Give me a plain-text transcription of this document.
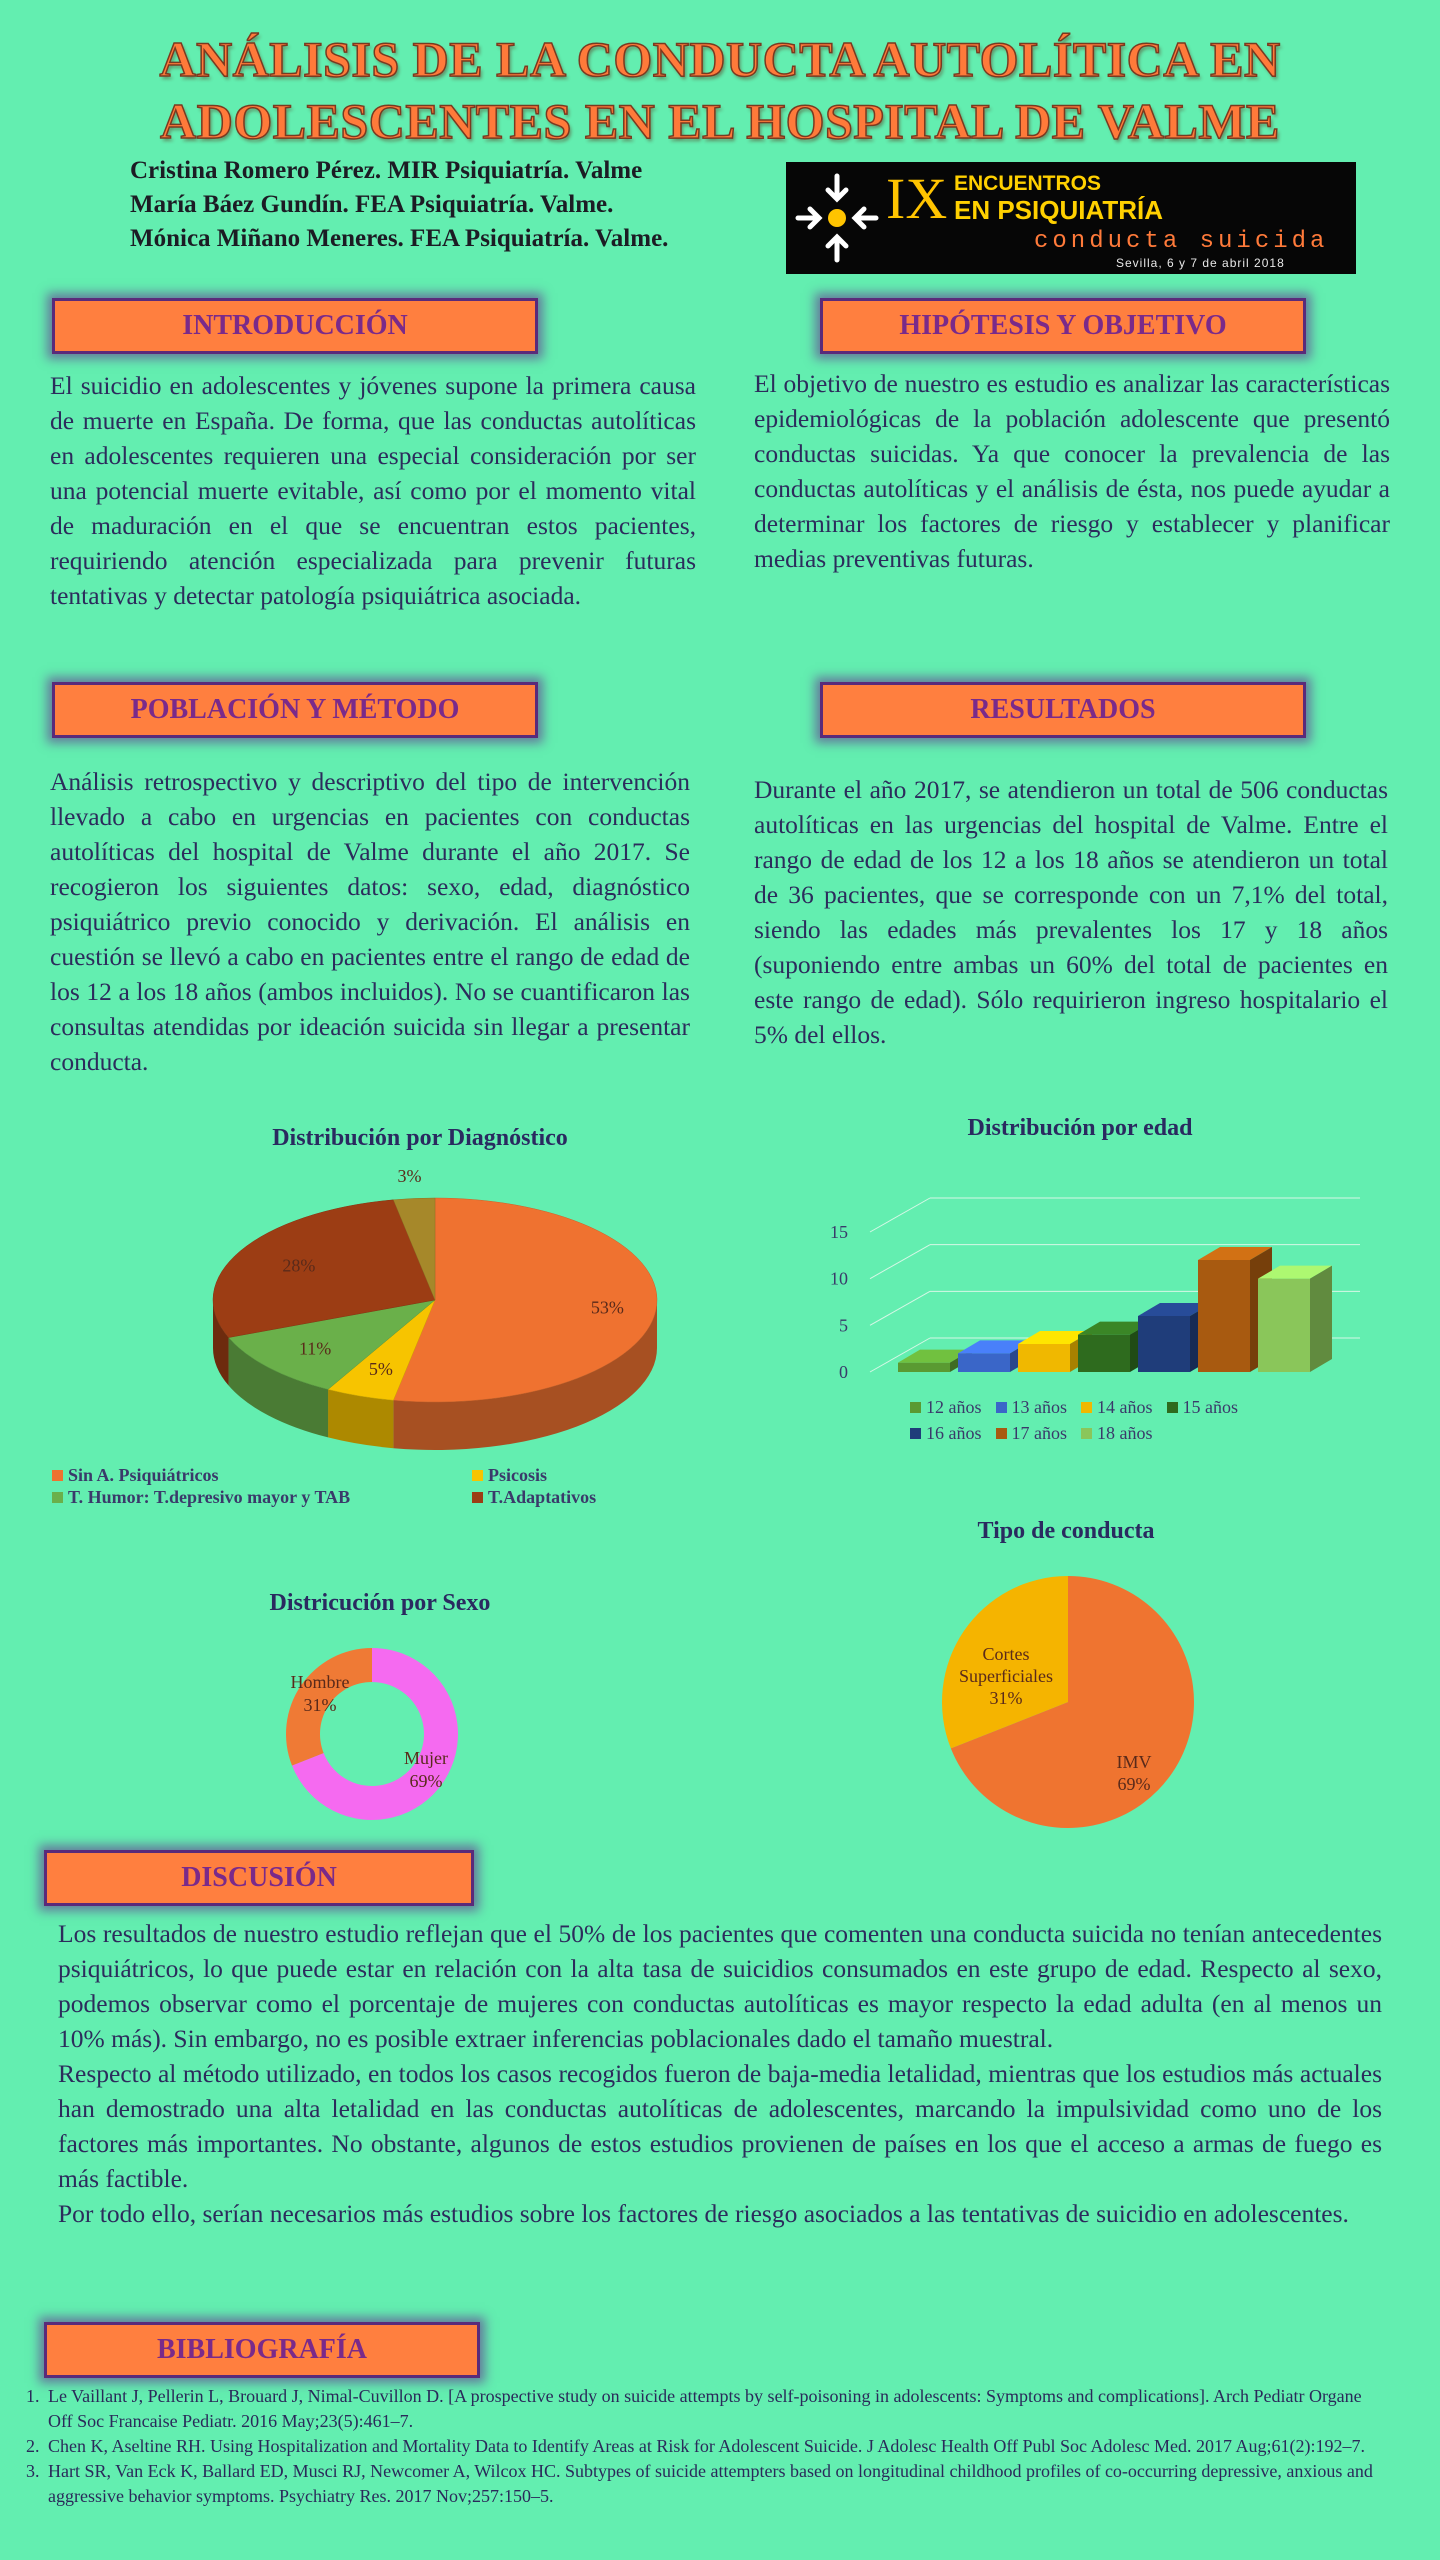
ANÁLISIS DE LA CONDUCTA AUTOLÍTICA EN
ADOLESCENTES EN EL HOSPITAL DE VALME
Cristina Romero Pérez. MIR Psiquiatría. Valme
María Báez Gundín. FEA Psiquiatría. Valme.
Mónica Miñano Meneres. FEA Psiquiatría. Valme.
IX ENCUENTROS
EN PSIQUIATRÍA
conducta suicida
Sevilla, 6 y 7 de abril 2018
INTRODUCCIÓN
El suicidio en adolescentes y jóvenes supone la primera causa de muerte en España. De forma, que las conductas autolíticas en adolescentes requieren una especial consideración por ser una potencial muerte evitable, así como por el momento vital de maduración en el que se encuentran estos pacientes, requiriendo atención especializada para prevenir futuras tentativas y detectar patología psiquiátrica asociada.
HIPÓTESIS Y OBJETIVO
El objetivo de nuestro es estudio es analizar las características epidemiológicas de la población adolescente que presentó conductas suicidas. Ya que conocer la prevalencia de las conductas autolíticas y el análisis de ésta, nos puede ayudar a determinar los factores de riesgo y establecer y planificar medias preventivas futuras.
POBLACIÓN Y MÉTODO
Análisis retrospectivo y descriptivo del tipo de intervención llevado a cabo en urgencias en pacientes con conductas autolíticas del hospital de Valme durante el año 2017. Se recogieron los siguientes datos: sexo, edad, diagnóstico psiquiátrico previo conocido y derivación. El análisis en cuestión se llevó a cabo en pacientes entre el rango de edad de los 12 a los 18 años (ambos incluidos). No se cuantificaron las consultas atendidas por ideación suicida sin llegar a presentar conducta.
RESULTADOS
Durante el año 2017, se atendieron un total de 506 conductas autolíticas en las urgencias del hospital de Valme. Entre el rango de edad de los 12 a los 18 años se atendieron un total de 36 pacientes, que se corresponde con un 7,1% del total, siendo las edades más prevalentes los 17 y 18 años (suponiendo entre ambas un 60% del total de pacientes en este rango de edad). Sólo requirieron ingreso hospitalario el 5% del ellos.
Distribución por Diagnóstico
53%
5%
11%
28%
3%
Sin A. Psiquiátricos	Psicosis
T. Humor: T.depresivo mayor y TAB	T.Adaptativos
Distribución por edad
0
5
10
15
12 años 13 años 14 años 15 años
16 años 17 años 18 años
Districución por Sexo
Hombre
31%
Mujer
69%
Tipo de conducta
IMV
69%
Cortes
Superficiales
31%
DISCUSIÓN
Los resultados de nuestro estudio reflejan que el 50% de los pacientes que comenten una conducta suicida no tenían antecedentes psiquiátricos, lo que puede estar en relación con la alta tasa de suicidios consumados en este grupo de edad. Respecto al sexo, podemos observar como el porcentaje de mujeres con conductas autolíticas es mayor respecto la edad adulta (en al menos un 10% más). Sin embargo, no es posible extraer inferencias poblacionales dado el tamaño muestral.
Respecto al método utilizado, en todos los casos recogidos fueron de baja-media letalidad, mientras que los estudios más actuales han demostrado una alta letalidad en las conductas autolíticas de adolescentes, marcando la impulsividad como uno de los factores más importantes. No obstante, algunos de estos estudios provienen de países en los que el acceso a armas de fuego es más factible.
Por todo ello, serían necesarios más estudios sobre los factores de riesgo asociados a las tentativas de suicidio en adolescentes.
BIBLIOGRAFÍA
1. Le Vaillant J, Pellerin L, Brouard J, Nimal-Cuvillon D. [A prospective study on suicide attempts by self-poisoning in adolescents: Symptoms and complications]. Arch Pediatr Organe Off Soc Francaise Pediatr. 2016 May;23(5):461–7.
2. Chen K, Aseltine RH. Using Hospitalization and Mortality Data to Identify Areas at Risk for Adolescent Suicide. J Adolesc Health Off Publ Soc Adolesc Med. 2017 Aug;61(2):192–7.
3. Hart SR, Van Eck K, Ballard ED, Musci RJ, Newcomer A, Wilcox HC. Subtypes of suicide attempters based on longitudinal childhood profiles of co-occurring depressive, anxious and aggressive behavior symptoms. Psychiatry Res. 2017 Nov;257:150–5.
